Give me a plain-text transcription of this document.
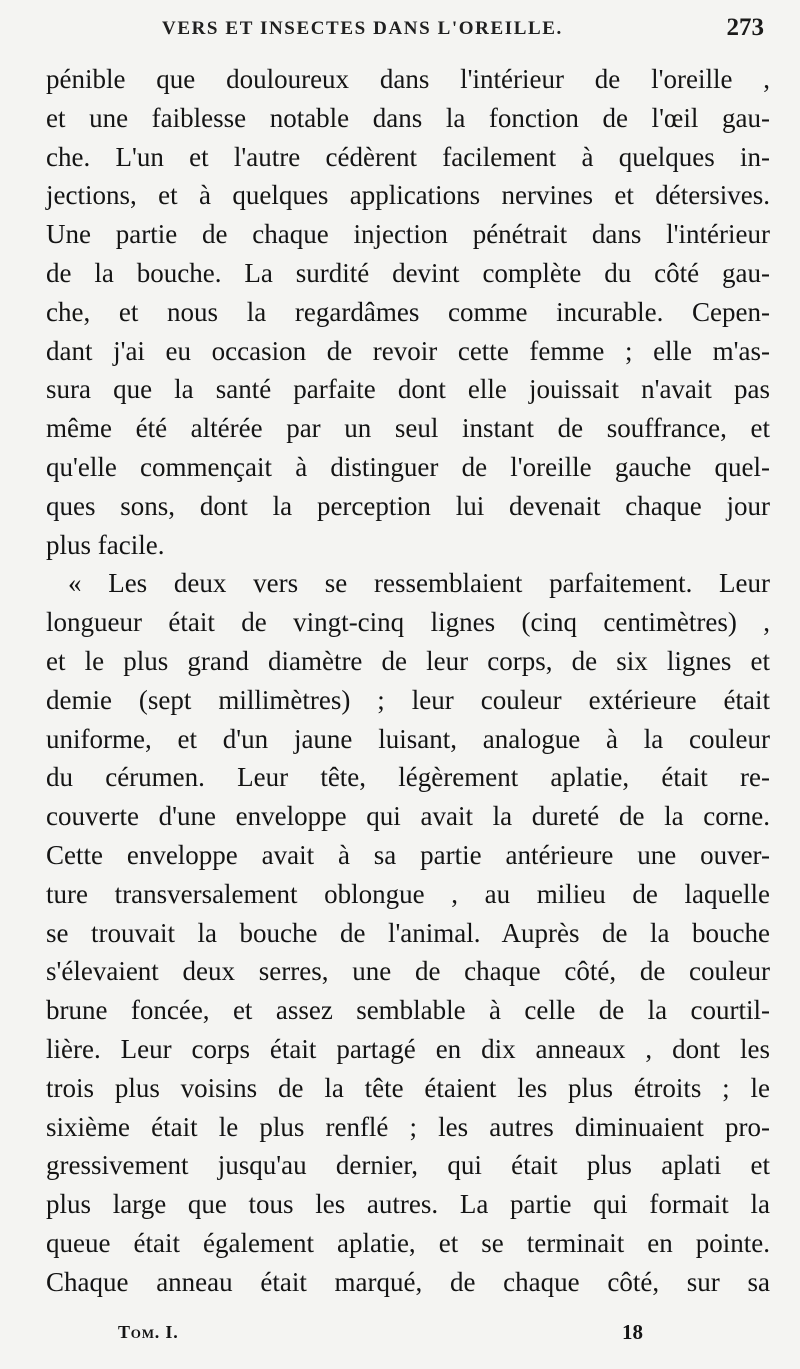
VERS ET INSECTES DANS L'OREILLE.	273
pénible que douloureux dans l'intérieur de l'oreille ,
et une faiblesse notable dans la fonction de l'œil gau-
che. L'un et l'autre cédèrent facilement à quelques in-
jections, et à quelques applications nervines et détersives.
Une partie de chaque injection pénétrait dans l'intérieur
de la bouche. La surdité devint complète du côté gau-
che, et nous la regardâmes comme incurable. Cepen-
dant j'ai eu occasion de revoir cette femme ; elle m'as-
sura que la santé parfaite dont elle jouissait n'avait pas
même été altérée par un seul instant de souffrance, et
qu'elle commençait à distinguer de l'oreille gauche quel-
ques sons, dont la perception lui devenait chaque jour
plus facile.
« Les deux vers se ressemblaient parfaitement. Leur
longueur était de vingt-cinq lignes (cinq centimètres) ,
et le plus grand diamètre de leur corps, de six lignes et
demie (sept millimètres) ; leur couleur extérieure était
uniforme, et d'un jaune luisant, analogue à la couleur
du cérumen. Leur tête, légèrement aplatie, était re-
couverte d'une enveloppe qui avait la dureté de la corne.
Cette enveloppe avait à sa partie antérieure une ouver-
ture transversalement oblongue , au milieu de laquelle
se trouvait la bouche de l'animal. Auprès de la bouche
s'élevaient deux serres, une de chaque côté, de couleur
brune foncée, et assez semblable à celle de la courtil-
lière. Leur corps était partagé en dix anneaux , dont les
trois plus voisins de la tête étaient les plus étroits ; le
sixième était le plus renflé ; les autres diminuaient pro-
gressivement jusqu'au dernier, qui était plus aplati et
plus large que tous les autres. La partie qui formait la
queue était également aplatie, et se terminait en pointe.
Chaque anneau était marqué, de chaque côté, sur sa
Tom. I.	18
